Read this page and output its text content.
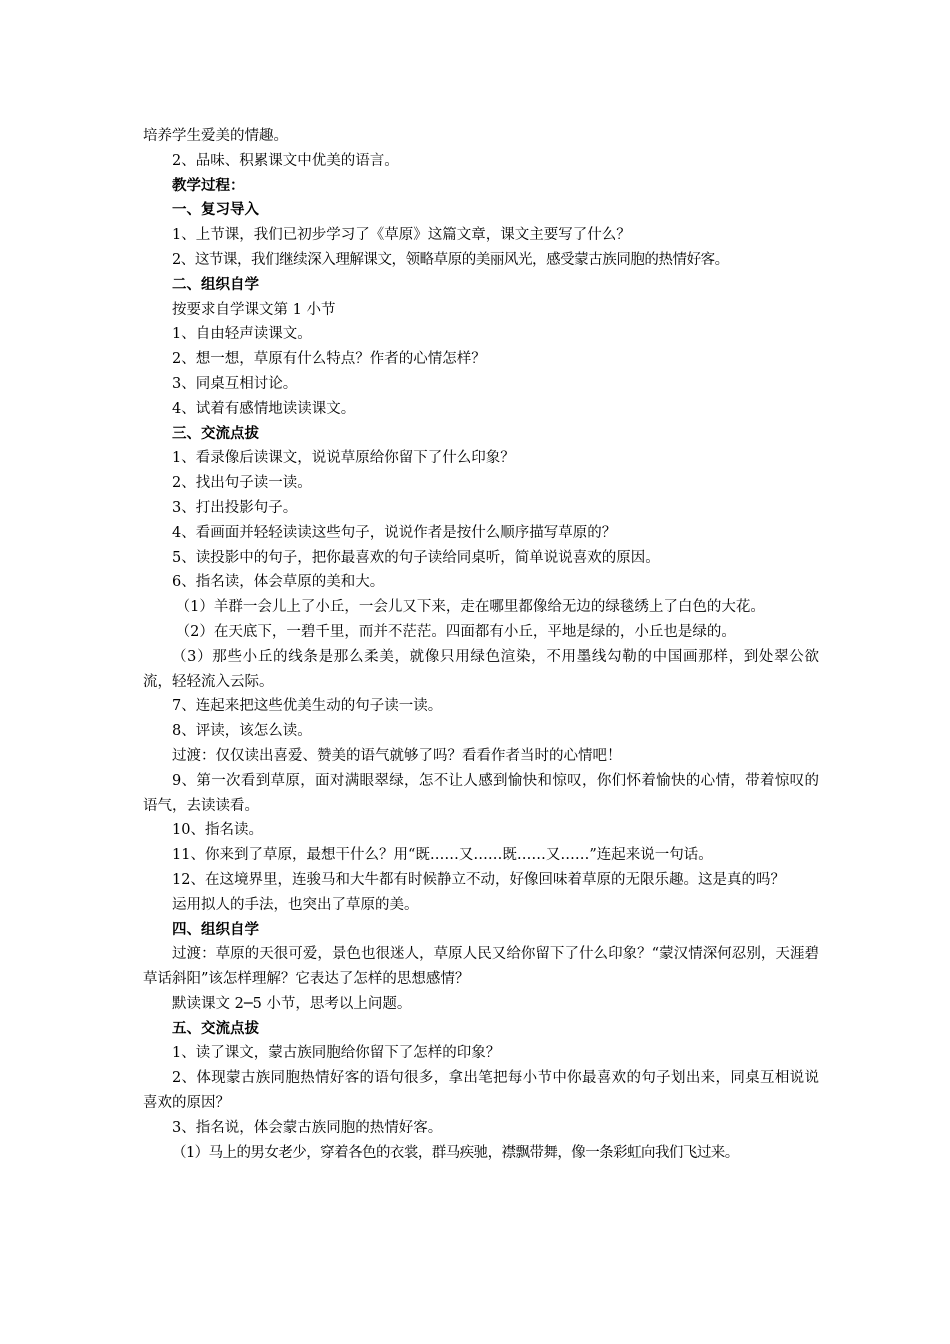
培养学生爱美的情趣。

2、品味、积累课文中优美的语言。

教学过程：

一、复习导入

1、上节课，我们已初步学习了《草原》这篇文章，课文主要写了什么？

2、这节课，我们继续深入理解课文，领略草原的美丽风光，感受蒙古族同胞的热情好客。

二、组织自学

按要求自学课文第 1 小节

1、自由轻声读课文。

2、想一想，草原有什么特点？作者的心情怎样？

3、同桌互相讨论。

4、试着有感情地读读课文。

三、交流点拔

1、看录像后读课文，说说草原给你留下了什么印象？

2、找出句子读一读。

3、打出投影句子。

4、看画面并轻轻读读这些句子，说说作者是按什么顺序描写草原的？

5、读投影中的句子，把你最喜欢的句子读给同桌听，简单说说喜欢的原因。

6、指名读，体会草原的美和大。

（1）羊群一会儿上了小丘，一会儿又下来，走在哪里都像给无边的绿毯绣上了白色的大花。

（2）在天底下，一碧千里，而并不茫茫。四面都有小丘，平地是绿的，小丘也是绿的。

（3）那些小丘的线条是那么柔美，就像只用绿色渲染，不用墨线勾勒的中国画那样，到处翠公欲流，轻轻流入云际。

7、连起来把这些优美生动的句子读一读。

8、评读，该怎么读。

过渡：仅仅读出喜爱、赞美的语气就够了吗？看看作者当时的心情吧！

9、第一次看到草原，面对满眼翠绿，怎不让人感到愉快和惊叹，你们怀着愉快的心情，带着惊叹的语气，去读读看。

10、指名读。

11、你来到了草原，最想干什么？用“既……又……既……又……”连起来说一句话。

12、在这境界里，连骏马和大牛都有时候静立不动，好像回味着草原的无限乐趣。这是真的吗？

运用拟人的手法，也突出了草原的美。

四、组织自学

过渡：草原的天很可爱，景色也很迷人，草原人民又给你留下了什么印象？“蒙汉情深何忍别，天涯碧草话斜阳”该怎样理解？它表达了怎样的思想感情？

默读课文 2─5 小节，思考以上问题。

五、交流点拔

1、读了课文，蒙古族同胞给你留下了怎样的印象？

2、体现蒙古族同胞热情好客的语句很多，拿出笔把每小节中你最喜欢的句子划出来，同桌互相说说喜欢的原因？

3、指名说，体会蒙古族同胞的热情好客。

（1）马上的男女老少，穿着各色的衣裳，群马疾驰，襟飘带舞，像一条彩虹向我们飞过来。
